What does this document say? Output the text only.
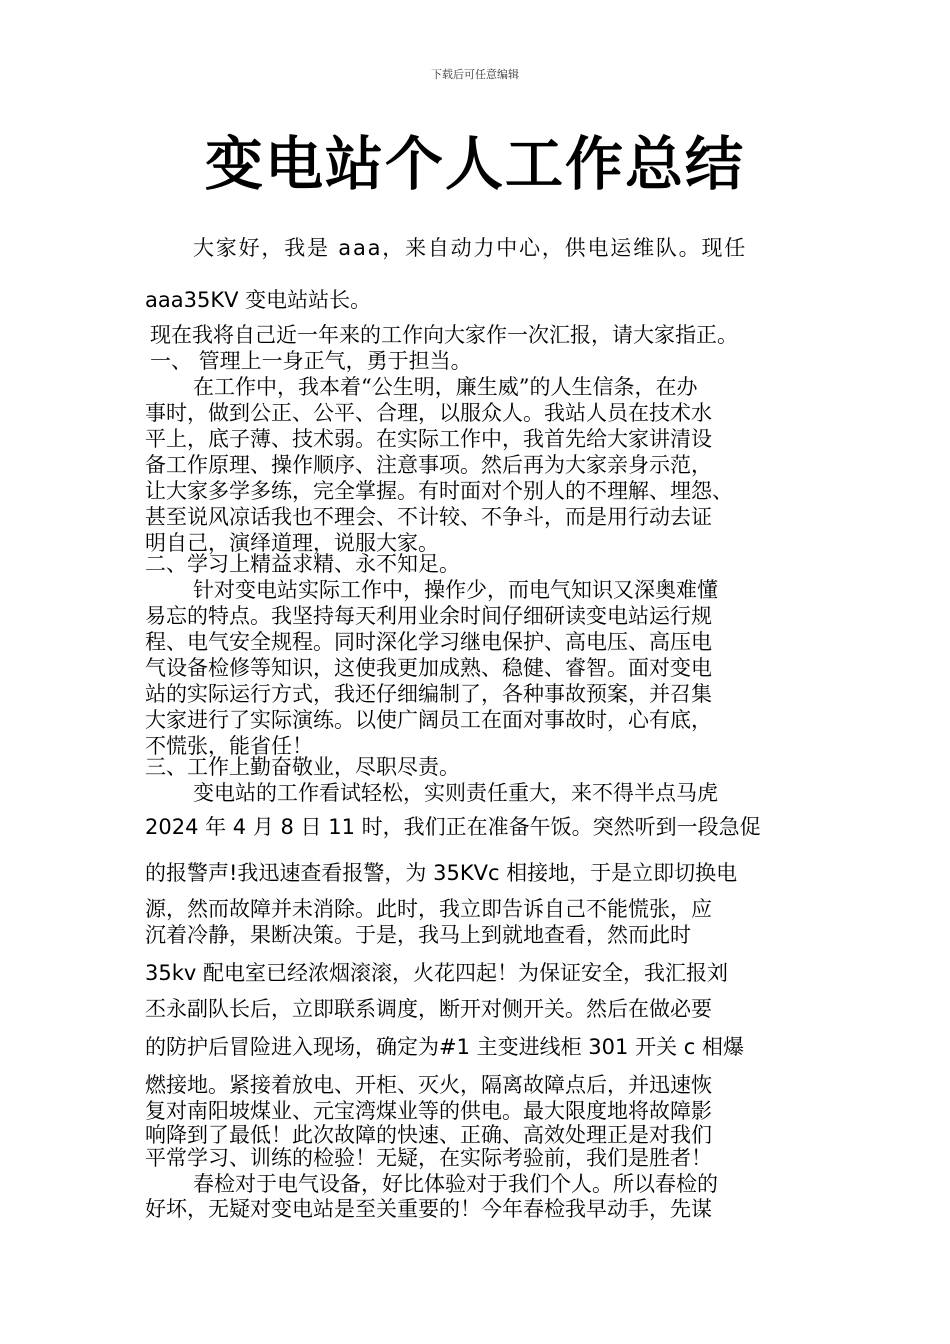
下载后可任意编辑
变电站个人工作总结
大家好，我是 aaa，来自动力中心，供电运维队。现任
aaa35KV 变电站站长。
现在我将自己近一年来的工作向大家作一次汇报，请大家指正。
一、 管理上一身正气，勇于担当。
在工作中，我本着“公生明，廉生威”的人生信条，在办
事时，做到公正、公平、合理，以服众人。我站人员在技术水
平上，底子薄、技术弱。在实际工作中，我首先给大家讲清设
备工作原理、操作顺序、注意事项。然后再为大家亲身示范，
让大家多学多练，完全掌握。有时面对个别人的不理解、埋怨、
甚至说风凉话我也不理会、不计较、不争斗，而是用行动去证
明自己，演绎道理，说服大家。
二、学习上精益求精、永不知足。
针对变电站实际工作中，操作少，而电气知识又深奥难懂
易忘的特点。我坚持每天利用业余时间仔细研读变电站运行规
程、电气安全规程。同时深化学习继电保护、高电压、高压电
气设备检修等知识，这使我更加成熟、稳健、睿智。面对变电
站的实际运行方式，我还仔细编制了，各种事故预案，并召集
大家进行了实际演练。以使广阔员工在面对事故时，心有底，
不慌张，能省任！
三、工作上勤奋敬业，尽职尽责。
变电站的工作看试轻松，实则责任重大，来不得半点马虎
2024 年 4 月 8 日 11 时，我们正在准备午饭。突然听到一段急促
的报警声!我迅速查看报警，为 35KVc 相接地，于是立即切换电
源，然而故障并未消除。此时，我立即告诉自己不能慌张，应
沉着冷静，果断决策。于是，我马上到就地查看，然而此时
35kv 配电室已经浓烟滚滚，火花四起！为保证安全，我汇报刘
丕永副队长后，立即联系调度，断开对侧开关。然后在做必要
的防护后冒险进入现场，确定为#1 主变进线柜 301 开关 c 相爆
燃接地。紧接着放电、开柜、灭火，隔离故障点后，并迅速恢
复对南阳坡煤业、元宝湾煤业等的供电。最大限度地将故障影
响降到了最低！此次故障的快速、正确、高效处理正是对我们
平常学习、训练的检验！无疑，在实际考验前，我们是胜者！
春检对于电气设备，好比体验对于我们个人。所以春检的
好坏，无疑对变电站是至关重要的！今年春检我早动手，先谋
